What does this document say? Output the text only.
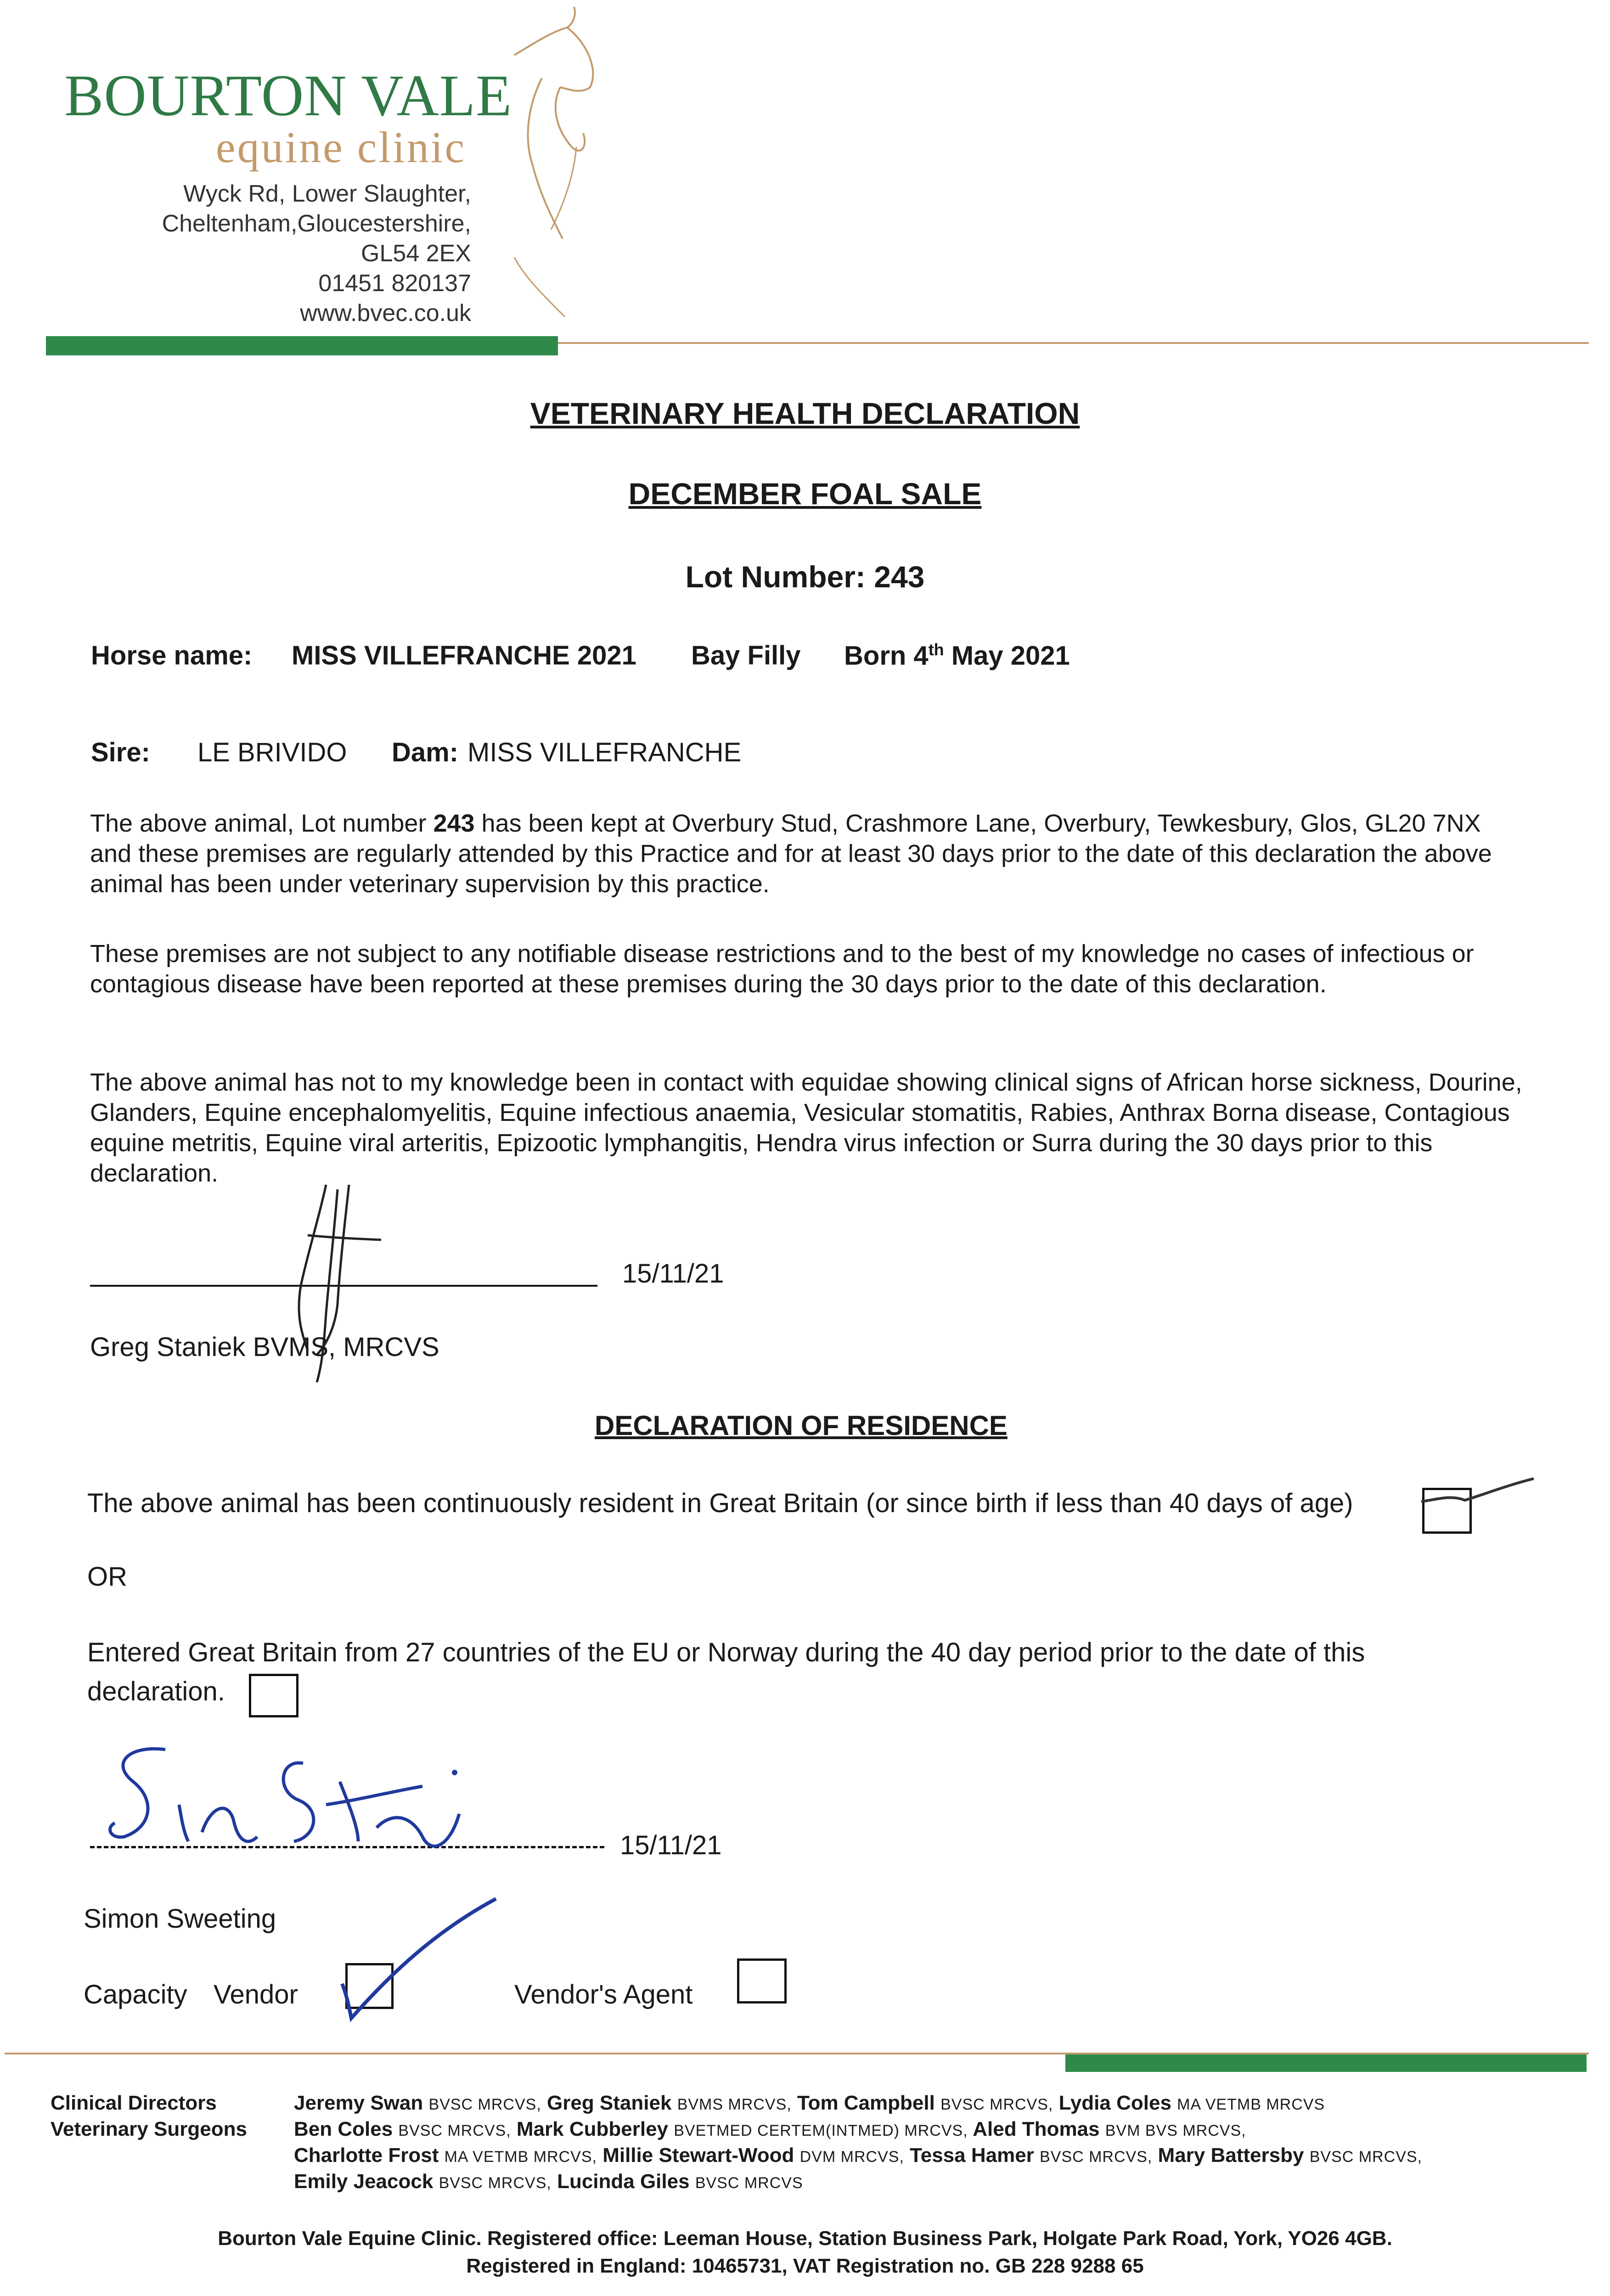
BOURTON VALE
equine clinic
Wyck Rd, Lower Slaughter,
Cheltenham,Gloucestershire,
GL54 2EX
01451 820137
www.bvec.co.uk
VETERINARY HEALTH DECLARATION
DECEMBER FOAL SALE
Lot Number: 243
Horse name: MISS VILLEFRANCHE 2021 Bay Filly Born 4th May 2021
Sire: LE BRIVIDO Dam: MISS VILLEFRANCHE
The above animal, Lot number 243 has been kept at Overbury Stud, Crashmore Lane, Overbury, Tewkesbury, Glos, GL20 7NX and these premises are regularly attended by this Practice and for at least 30 days prior to the date of this declaration the above animal has been under veterinary supervision by this practice.
These premises are not subject to any notifiable disease restrictions and to the best of my knowledge no cases of infectious or contagious disease have been reported at these premises during the 30 days prior to the date of this declaration.
The above animal has not to my knowledge been in contact with equidae showing clinical signs of African horse sickness, Dourine, Glanders, Equine encephalomyelitis, Equine infectious anaemia, Vesicular stomatitis, Rabies, Anthrax Borna disease, Contagious equine metritis, Equine viral arteritis, Epizootic lymphangitis, Hendra virus infection or Surra during the 30 days prior to this declaration.
15/11/21
Greg Staniek BVMS, MRCVS
DECLARATION OF RESIDENCE
The above animal has been continuously resident in Great Britain (or since birth if less than 40 days of age)
OR
Entered Great Britain from 27 countries of the EU or Norway during the 40 day period prior to the date of this
declaration.
15/11/21
Simon Sweeting
Capacity Vendor	Vendor's Agent
Clinical Directors
Veterinary Surgeons
Jeremy Swan BVSC MRCVS, Greg Staniek BVMS MRCVS, Tom Campbell BVSC MRCVS, Lydia Coles MA VETMB MRCVS
Ben Coles BVSC MRCVS, Mark Cubberley BVETMED CERTEM(INTMED) MRCVS, Aled Thomas BVM BVS MRCVS,
Charlotte Frost MA VETMB MRCVS, Millie Stewart-Wood DVM MRCVS, Tessa Hamer BVSC MRCVS, Mary Battersby BVSC MRCVS,
Emily Jeacock BVSC MRCVS, Lucinda Giles BVSC MRCVS
Bourton Vale Equine Clinic. Registered office: Leeman House, Station Business Park, Holgate Park Road, York, YO26 4GB.
Registered in England: 10465731, VAT Registration no. GB 228 9288 65
